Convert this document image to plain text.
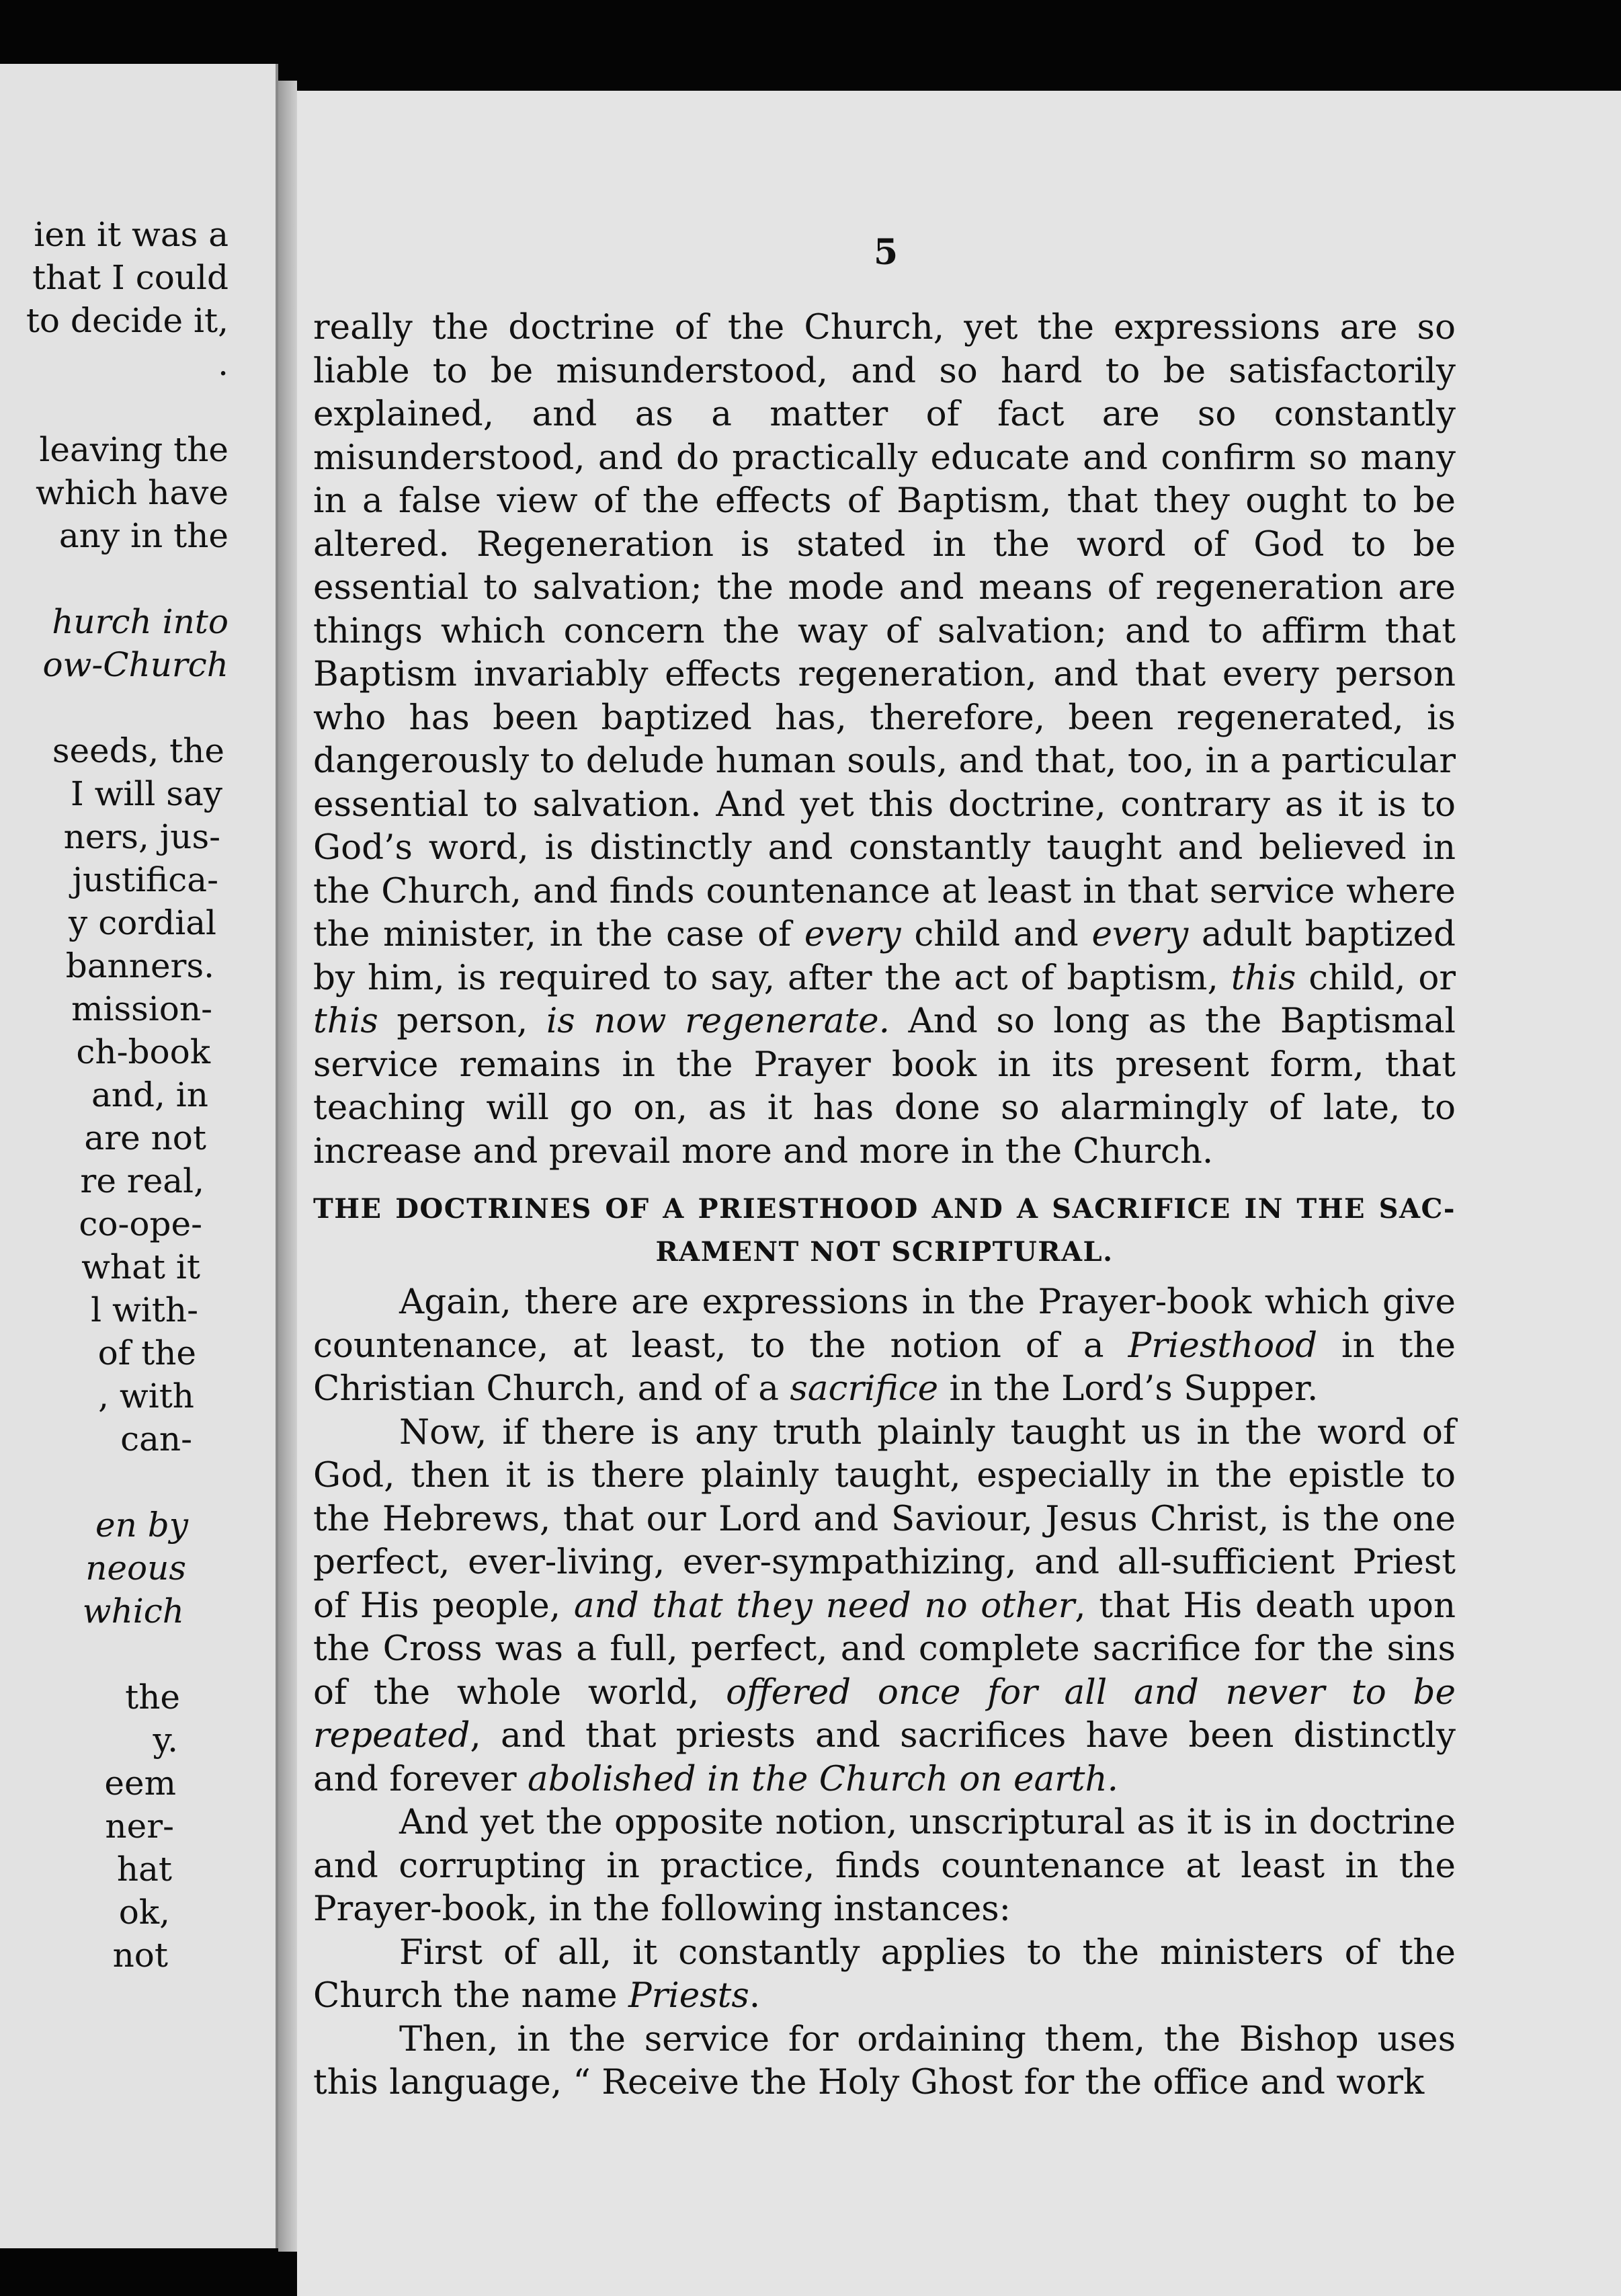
ien it was a
that I could
to decide it,
.
leaving the
which have
any in the
hurch into
ow-Church
seeds, the
I will say
ners, jus-
justifica-
y cordial
banners.
mission-
ch-book
and, in
are not
re real,
co-ope-
what it
l with-
of the
, with
can-
en by
neous
which
the
y.
eem
ner-
hat
ok,
not
5

really the doctrine of the Church, yet the expressions are so liable to be misunderstood, and so hard to be satisfactorily explained, and as a matter of fact are so constantly misunderstood, and do practically educate and confirm so many in a false view of the effects of Baptism, that they ought to be altered. Regeneration is stated in the word of God to be essential to salvation; the mode and means of regeneration are things which concern the way of salvation; and to affirm that Baptism invariably effects regeneration, and that every person who has been baptized has, therefore, been regenerated, is dangerously to delude human souls, and that, too, in a particular essential to salvation. And yet this doctrine, contrary as it is to God’s word, is distinctly and constantly taught and believed in the Church, and finds countenance at least in that service where the minister, in the case of every child and every adult baptized by him, is required to say, after the act of baptism, this child, or this person, is now regenerate. And so long as the Baptismal service remains in the Prayer book in its present form, that teaching will go on, as it has done so alarmingly of late, to increase and prevail more and more in the Church.

THE DOCTRINES OF A PRIESTHOOD AND A SACRIFICE IN THE SAC-
RAMENT NOT SCRIPTURAL.

Again, there are expressions in the Prayer-book which give countenance, at least, to the notion of a Priesthood in the Christian Church, and of a sacrifice in the Lord’s Supper.

Now, if there is any truth plainly taught us in the word of God, then it is there plainly taught, especially in the epistle to the Hebrews, that our Lord and Saviour, Jesus Christ, is the one perfect, ever-living, ever-sympathizing, and all-sufficient Priest of His people, and that they need no other, that His death upon the Cross was a full, perfect, and complete sacrifice for the sins of the whole world, offered once for all and never to be repeated, and that priests and sacrifices have been distinctly and forever abolished in the Church on earth.

And yet the opposite notion, unscriptural as it is in doctrine and corrupting in practice, finds countenance at least in the Prayer-book, in the following instances:

First of all, it constantly applies to the ministers of the Church the name Priests.

Then, in the service for ordaining them, the Bishop uses this language, “ Receive the Holy Ghost for the office and work
